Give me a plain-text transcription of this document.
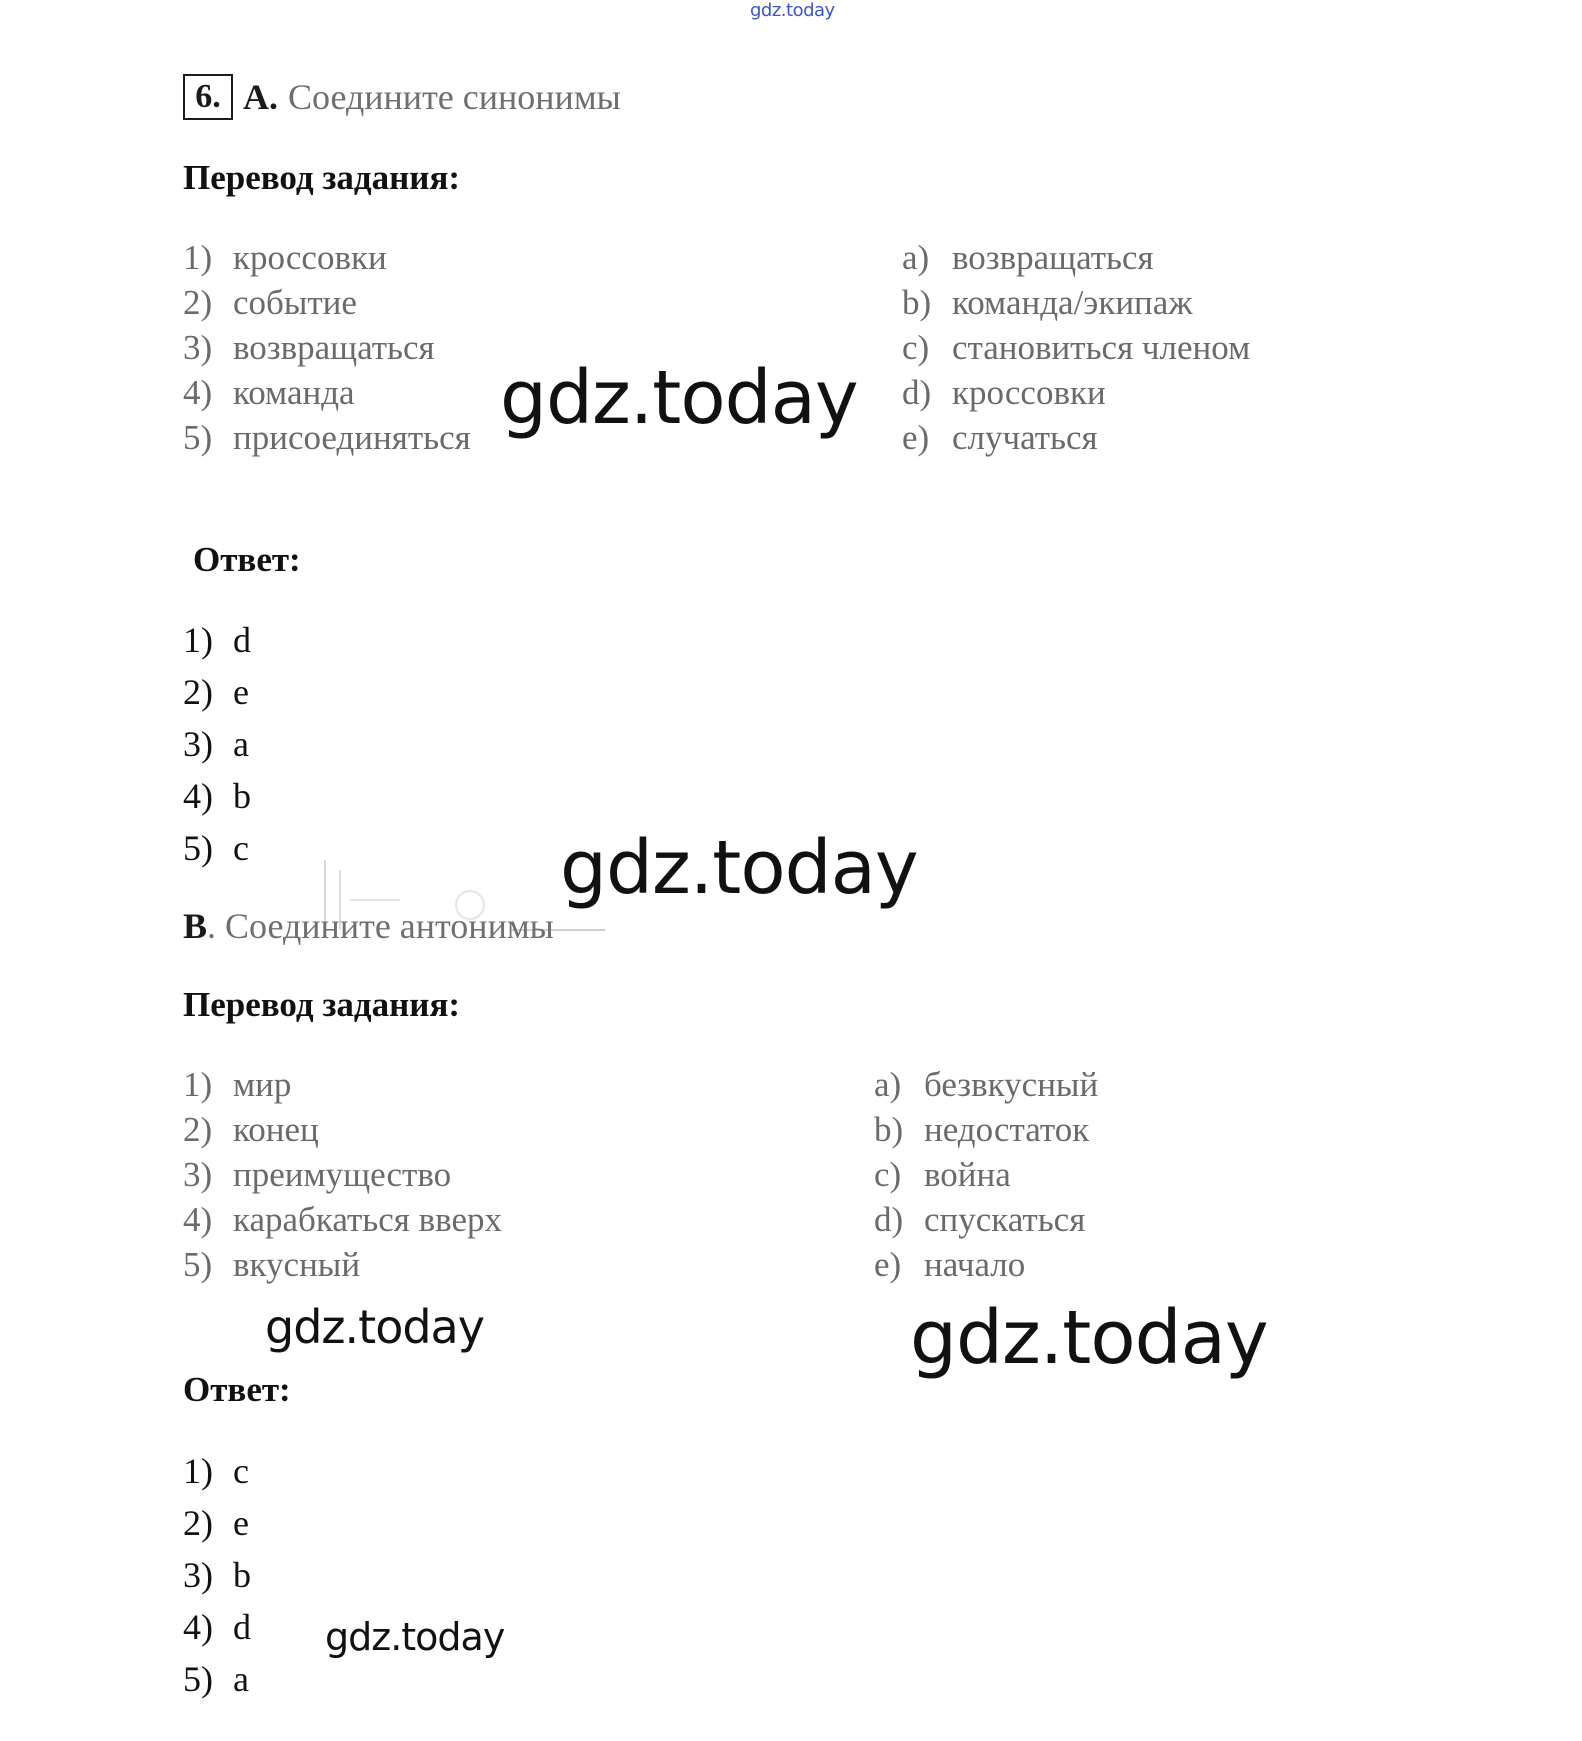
gdz.today
6. A. Соедините синонимы
Перевод задания:
1) кроссовки
2) событие
3) возвращаться
4) команда
5) присоединяться
a) возвращаться
b) команда/экипаж
c) становиться членом
d) кроссовки
e) случаться
gdz.today
Ответ:
1) d
2) e
3) a
4) b
5) c	gdz.today
B. Соедините антонимы
Перевод задания:
1) мир
2) конец
3) преимущество
4) карабкаться вверх
5) вкусный
a) безвкусный
b) недостаток
c) война
d) спускаться
e) начало
gdz.today	gdz.today
Ответ:
1) c
2) e
3) b
4) d
5) a
gdz.today
